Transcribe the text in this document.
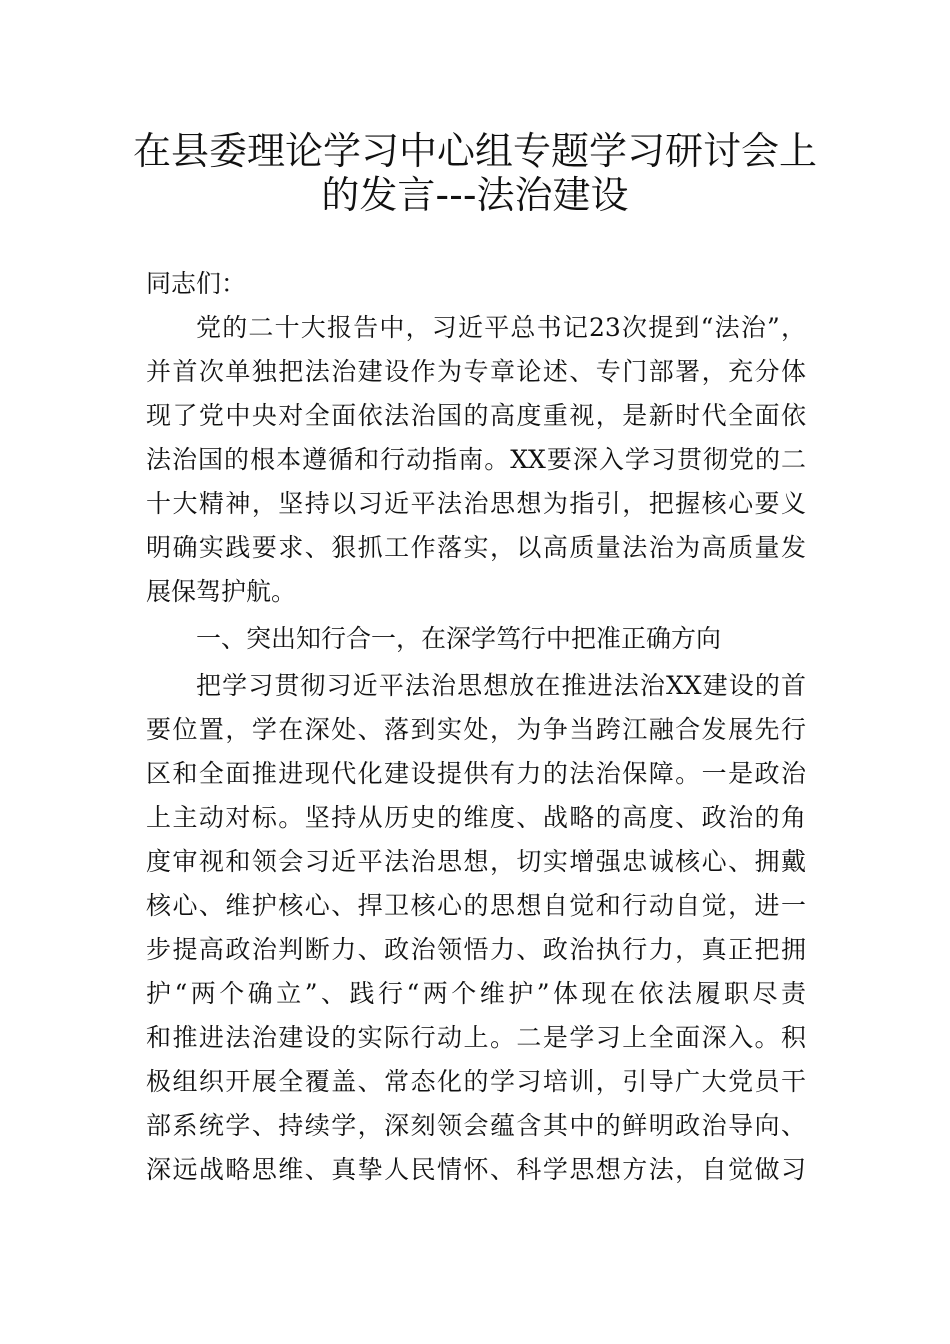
在县委理论学习中心组专题学习研讨会上
的发言---法治建设
同志们：
党的二十大报告中，习近平总书记23次提到“法治”，
并首次单独把法治建设作为专章论述、专门部署，充分体
现了党中央对全面依法治国的高度重视，是新时代全面依
法治国的根本遵循和行动指南。XX要深入学习贯彻党的二
十大精神，坚持以习近平法治思想为指引，把握核心要义
明确实践要求、狠抓工作落实，以高质量法治为高质量发
展保驾护航。
一、突出知行合一，在深学笃行中把准正确方向
把学习贯彻习近平法治思想放在推进法治XX建设的首
要位置，学在深处、落到实处，为争当跨江融合发展先行
区和全面推进现代化建设提供有力的法治保障。一是政治
上主动对标。坚持从历史的维度、战略的高度、政治的角
度审视和领会习近平法治思想，切实增强忠诚核心、拥戴
核心、维护核心、捍卫核心的思想自觉和行动自觉，进一
步提高政治判断力、政治领悟力、政治执行力，真正把拥
护“两个确立”、践行“两个维护”体现在依法履职尽责
和推进法治建设的实际行动上。二是学习上全面深入。积
极组织开展全覆盖、常态化的学习培训，引导广大党员干
部系统学、持续学，深刻领会蕴含其中的鲜明政治导向、
深远战略思维、真挚人民情怀、科学思想方法，自觉做习
